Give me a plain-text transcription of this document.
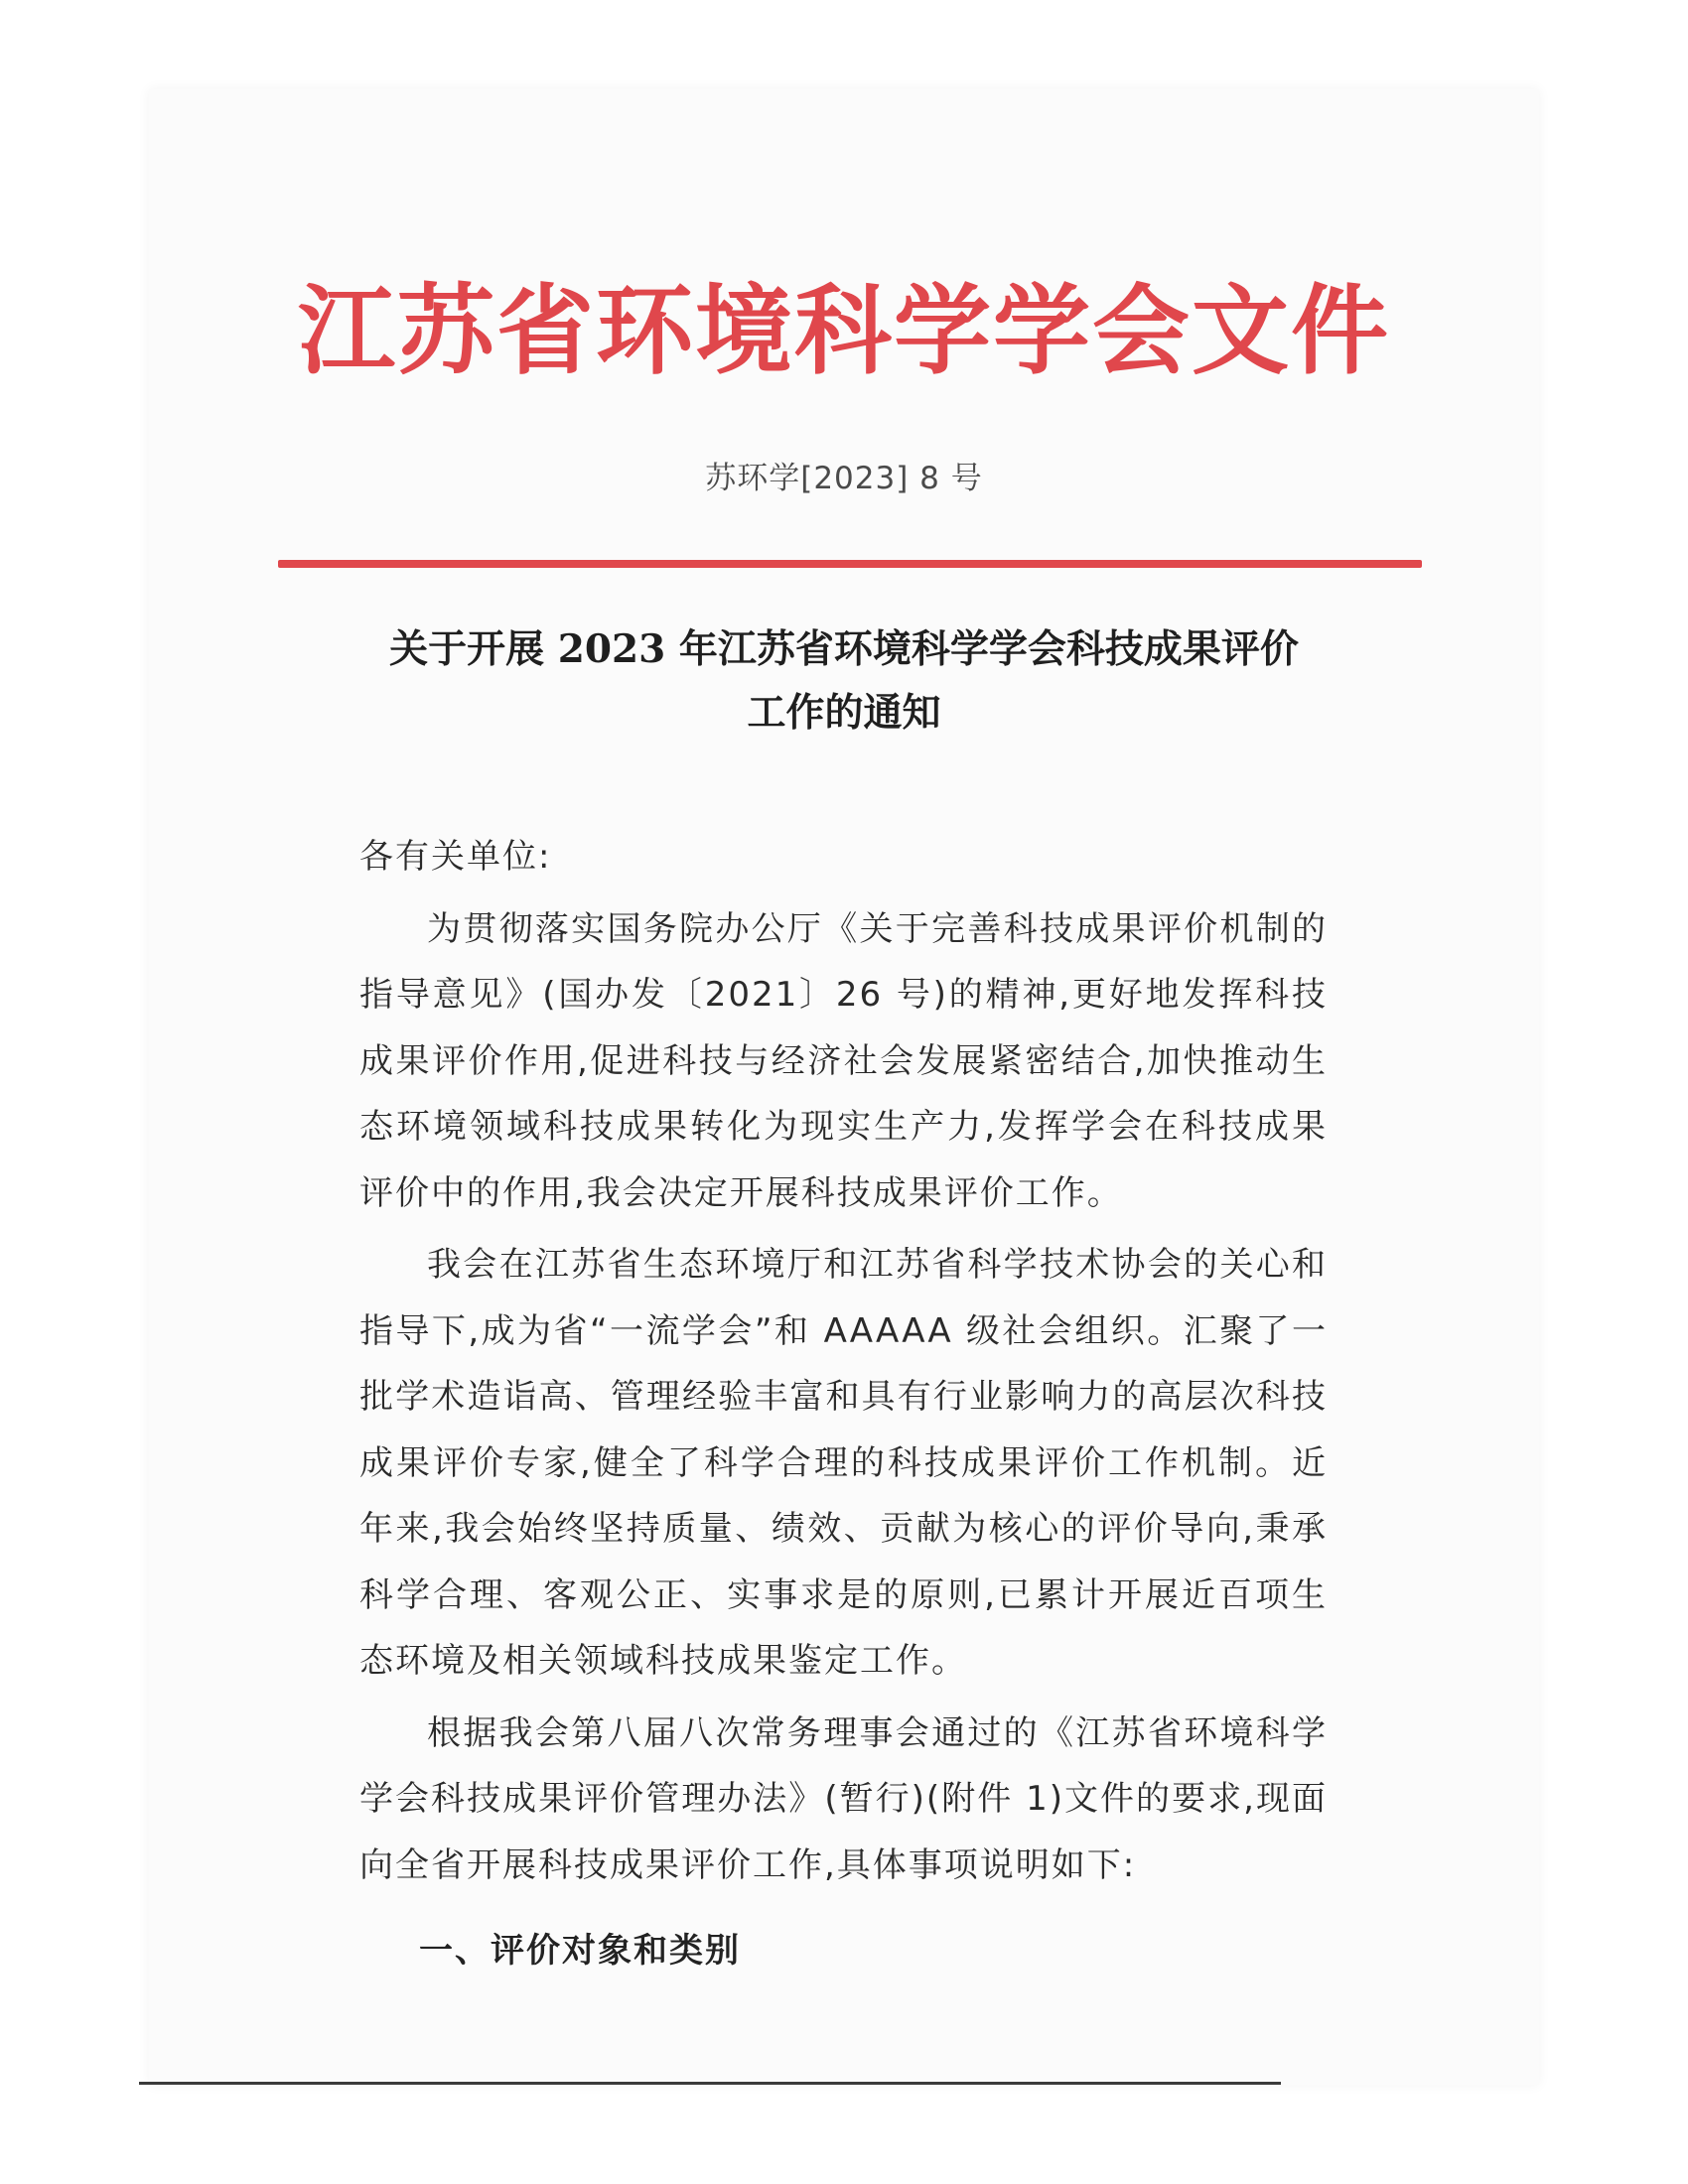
江苏省环境科学学会文件
苏环学[2023] 8 号
关于开展 2023 年江苏省环境科学学会科技成果评价
工作的通知

各有关单位:

为贯彻落实国务院办公厅《关于完善科技成果评价机制的指导意见》(国办发〔2021〕26 号)的精神,更好地发挥科技成果评价作用,促进科技与经济社会发展紧密结合,加快推动生态环境领域科技成果转化为现实生产力,发挥学会在科技成果评价中的作用,我会决定开展科技成果评价工作。

我会在江苏省生态环境厅和江苏省科学技术协会的关心和指导下,成为省“一流学会”和 AAAAA 级社会组织。汇聚了一批学术造诣高、管理经验丰富和具有行业影响力的高层次科技成果评价专家,健全了科学合理的科技成果评价工作机制。近年来,我会始终坚持质量、绩效、贡献为核心的评价导向,秉承科学合理、客观公正、实事求是的原则,已累计开展近百项生态环境及相关领域科技成果鉴定工作。

根据我会第八届八次常务理事会通过的《江苏省环境科学学会科技成果评价管理办法》(暂行)(附件 1)文件的要求,现面向全省开展科技成果评价工作,具体事项说明如下:

一、评价对象和类别
